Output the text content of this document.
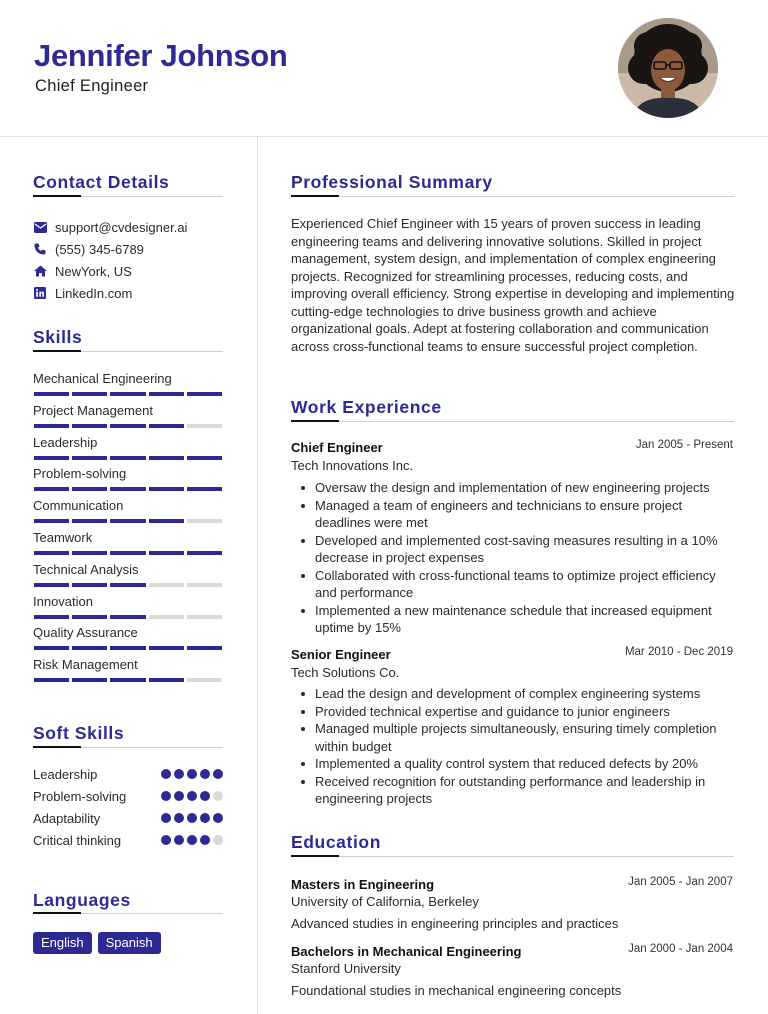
Jennifer Johnson
Chief Engineer
Contact Details
support@cvdesigner.ai
(555) 345-6789
NewYork, US
LinkedIn.com
Skills
Mechanical Engineering
Project Management
Leadership
Problem-solving
Communication
Teamwork
Technical Analysis
Innovation
Quality Assurance
Risk Management
Soft Skills
Leadership
Problem-solving
Adaptability
Critical thinking
Languages
English	Spanish
Professional Summary
Experienced Chief Engineer with 15 years of proven success in leading engineering teams and delivering innovative solutions. Skilled in project management, system design, and implementation of complex engineering projects. Recognized for streamlining processes, reducing costs, and improving overall efficiency. Strong expertise in developing and implementing cutting-edge technologies to drive business growth and achieve organizational goals. Adept at fostering collaboration and communication across cross-functional teams to ensure successful project completion.
Work Experience
Chief Engineer	Jan 2005 - Present
Tech Innovations Inc.
Oversaw the design and implementation of new engineering projects
Managed a team of engineers and technicians to ensure project deadlines were met
Developed and implemented cost-saving measures resulting in a 10% decrease in project expenses
Collaborated with cross-functional teams to optimize project efficiency and performance
Implemented a new maintenance schedule that increased equipment uptime by 15%
Senior Engineer	Mar 2010 - Dec 2019
Tech Solutions Co.
Lead the design and development of complex engineering systems
Provided technical expertise and guidance to junior engineers
Managed multiple projects simultaneously, ensuring timely completion within budget
Implemented a quality control system that reduced defects by 20%
Received recognition for outstanding performance and leadership in engineering projects
Education
Masters in Engineering	Jan 2005 - Jan 2007
University of California, Berkeley
Advanced studies in engineering principles and practices
Bachelors in Mechanical Engineering	Jan 2000 - Jan 2004
Stanford University
Foundational studies in mechanical engineering concepts
